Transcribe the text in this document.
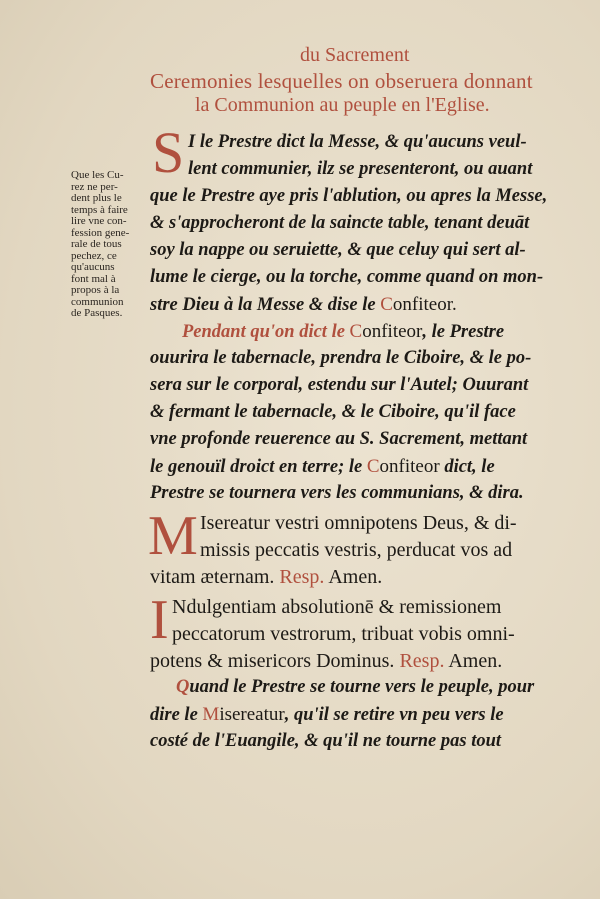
du Sacrement
Ceremonies lesquelles on obseruera donnant
la Communion au peuple en l'Eglise.
Que les Cu-
rez ne per-
dent plus le
temps à faire
lire vne con-
fession gene-
rale de tous
pechez, ce
qu'aucuns
font mal à
propos à la
communion
de Pasques.
S I le Prestre dict la Messe, & qu'aucuns veul-
lent communier, ilz se presenteront, ou auant
que le Prestre aye pris l'ablution, ou apres la Messe,
& s'approcheront de la saincte table, tenant deuāt
soy la nappe ou seruiette, & que celuy qui sert al-
lume le cierge, ou la torche, comme quand on mon-
stre Dieu à la Messe & dise le Confiteor.
Pendant qu'on dict le Confiteor, le Prestre
ouurira le tabernacle, prendra le Ciboire, & le po-
sera sur le corporal, estendu sur l'Autel; Ouurant
& fermant le tabernacle, & le Ciboire, qu'il face
vne profonde reuerence au S. Sacrement, mettant
le genouïl droict en terre; le Confiteor dict, le
Prestre se tournera vers les communians, & dira.
M Isereatur vestri omnipotens Deus, & di-
missis peccatis vestris, perducat vos ad
vitam æternam. Resp. Amen.
I Ndulgentiam absolutionē & remissionem
peccatorum vestrorum, tribuat vobis omni-
potens & misericors Dominus. Resp. Amen.
Quand le Prestre se tourne vers le peuple, pour
dire le Misereatur, qu'il se retire vn peu vers le
costé de l'Euangile, & qu'il ne tourne pas tout
